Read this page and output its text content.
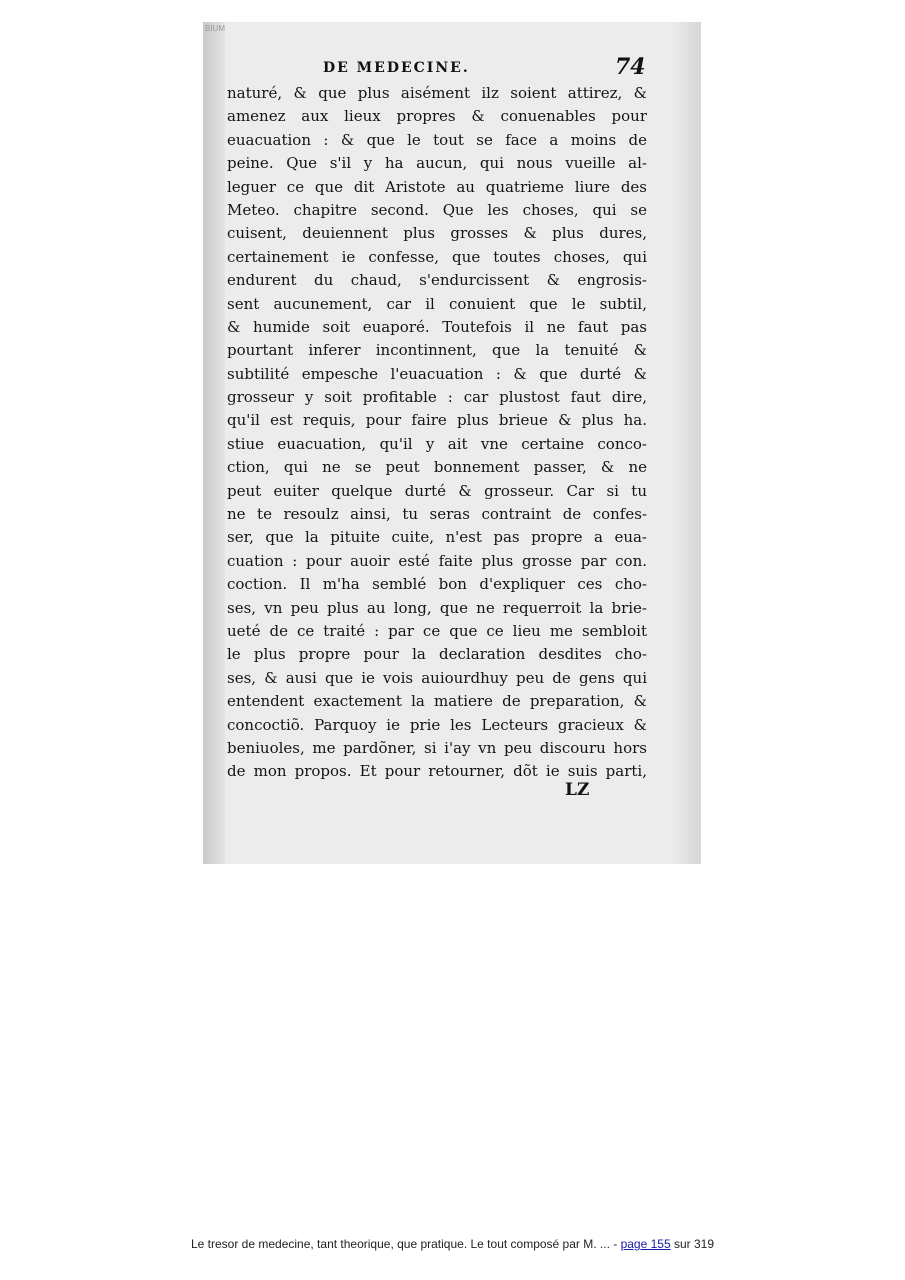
BIUM
DE MEDECINE.	74
naturé, & que plus aisément ilz soient attirez, &
amenez aux lieux propres & conuenables pour
euacuation : & que le tout se face a moins de
peine. Que s'il y ha aucun, qui nous vueille al-
leguer ce que dit Aristote au quatrieme liure des
Meteo. chapitre second. Que les choses, qui se
cuisent, deuiennent plus grosses & plus dures,
certainement ie confesse, que toutes choses, qui
endurent du chaud, s'endurcissent & engrosis-
sent aucunement, car il conuient que le subtil,
& humide soit euaporé. Toutefois il ne faut pas
pourtant inferer incontinnent, que la tenuité &
subtilité empesche l'euacuation : & que durté &
grosseur y soit profitable : car plustost faut dire,
qu'il est requis, pour faire plus brieue & plus ha.
stiue euacuation, qu'il y ait vne certaine conco-
ction, qui ne se peut bonnement passer, & ne
peut euiter quelque durté & grosseur. Car si tu
ne te resoulz ainsi, tu seras contraint de confes-
ser, que la pituite cuite, n'est pas propre a eua-
cuation : pour auoir esté faite plus grosse par con.
coction. Il m'ha semblé bon d'expliquer ces cho-
ses, vn peu plus au long, que ne requerroit la brie-
ueté de ce traité : par ce que ce lieu me sembloit
le plus propre pour la declaration desdites cho-
ses, & ausi que ie vois auiourdhuy peu de gens qui
entendent exactement la matiere de preparation, &
concoctiõ. Parquoy ie prie les Lecteurs gracieux &
beniuoles, me pardõner, si i'ay vn peu discouru hors
de mon propos. Et pour retourner, dõt ie suis parti,
LZ
Le tresor de medecine, tant theorique, que pratique. Le tout composé par M. ... - page 155 sur 319
